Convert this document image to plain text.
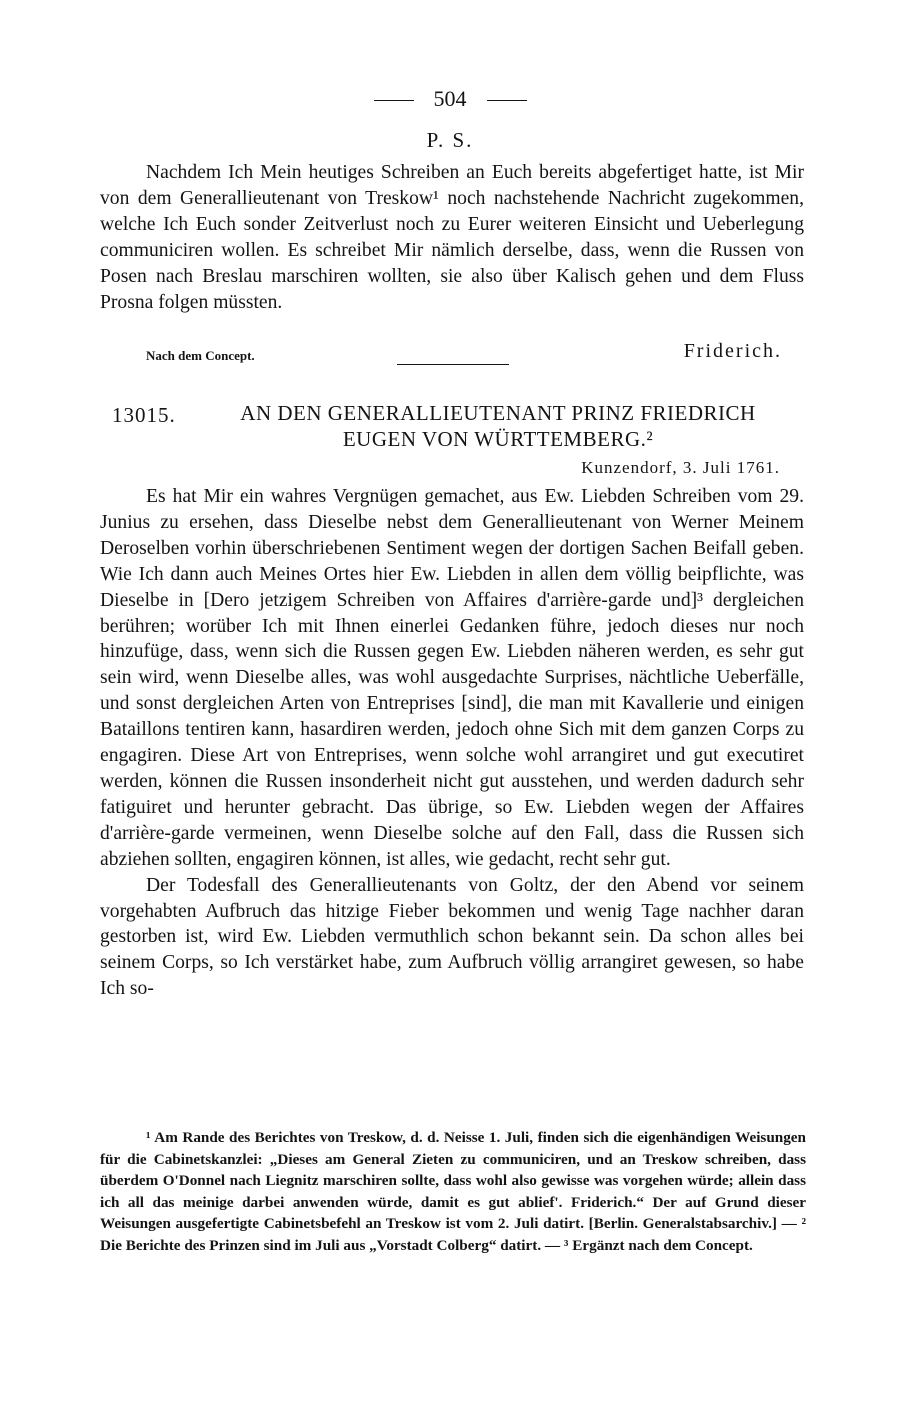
504
P. S.

Nachdem Ich Mein heutiges Schreiben an Euch bereits abgefertiget hatte, ist Mir von dem Generallieutenant von Treskow¹ noch nachstehende Nachricht zugekommen, welche Ich Euch sonder Zeitverlust noch zu Eurer weiteren Einsicht und Ueberlegung communiciren wollen. Es schreibet Mir nämlich derselbe, dass, wenn die Russen von Posen nach Breslau marschiren wollten, sie also über Kalisch gehen und dem Fluss Prosna folgen müssten.

Nach dem Concept.	Friderich.
13015.	AN DEN GENERALLIEUTENANT PRINZ FRIEDRICH EUGEN VON WÜRTTEMBERG.²
Kunzendorf, 3. Juli 1761.

Es hat Mir ein wahres Vergnügen gemachet, aus Ew. Liebden Schreiben vom 29. Junius zu ersehen, dass Dieselbe nebst dem Generallieutenant von Werner Meinem Deroselben vorhin überschriebenen Sentiment wegen der dortigen Sachen Beifall geben. Wie Ich dann auch Meines Ortes hier Ew. Liebden in allen dem völlig beipflichte, was Dieselbe in [Dero jetzigem Schreiben von Affaires d'arrière-garde und]³ dergleichen berühren; worüber Ich mit Ihnen einerlei Gedanken führe, jedoch dieses nur noch hinzufüge, dass, wenn sich die Russen gegen Ew. Liebden näheren werden, es sehr gut sein wird, wenn Dieselbe alles, was wohl ausgedachte Surprises, nächtliche Ueberfälle, und sonst dergleichen Arten von Entreprises [sind], die man mit Kavallerie und einigen Bataillons tentiren kann, hasardiren werden, jedoch ohne Sich mit dem ganzen Corps zu engagiren. Diese Art von Entreprises, wenn solche wohl arrangiret und gut executiret werden, können die Russen insonderheit nicht gut ausstehen, und werden dadurch sehr fatiguiret und herunter gebracht. Das übrige, so Ew. Liebden wegen der Affaires d'arrière-garde vermeinen, wenn Dieselbe solche auf den Fall, dass die Russen sich abziehen sollten, engagiren können, ist alles, wie gedacht, recht sehr gut.

Der Todesfall des Generallieutenants von Goltz, der den Abend vor seinem vorgehabten Aufbruch das hitzige Fieber bekommen und wenig Tage nachher daran gestorben ist, wird Ew. Liebden vermuthlich schon bekannt sein. Da schon alles bei seinem Corps, so Ich verstärket habe, zum Aufbruch völlig arrangiret gewesen, so habe Ich so-

¹ Am Rande des Berichtes von Treskow, d. d. Neisse 1. Juli, finden sich die eigenhändigen Weisungen für die Cabinetskanzlei: „Dieses am General Zieten zu communiciren, und an Treskow schreiben, dass überdem O'Donnel nach Liegnitz marschiren sollte, dass wohl also gewisse was vorgehen würde; allein dass ich all das meinige darbei anwenden würde, damit es gut ablief'. Friderich.“ Der auf Grund dieser Weisungen ausgefertigte Cabinetsbefehl an Treskow ist vom 2. Juli datirt. [Berlin. Generalstabsarchiv.] — ² Die Berichte des Prinzen sind im Juli aus „Vorstadt Colberg“ datirt. — ³ Ergänzt nach dem Concept.
